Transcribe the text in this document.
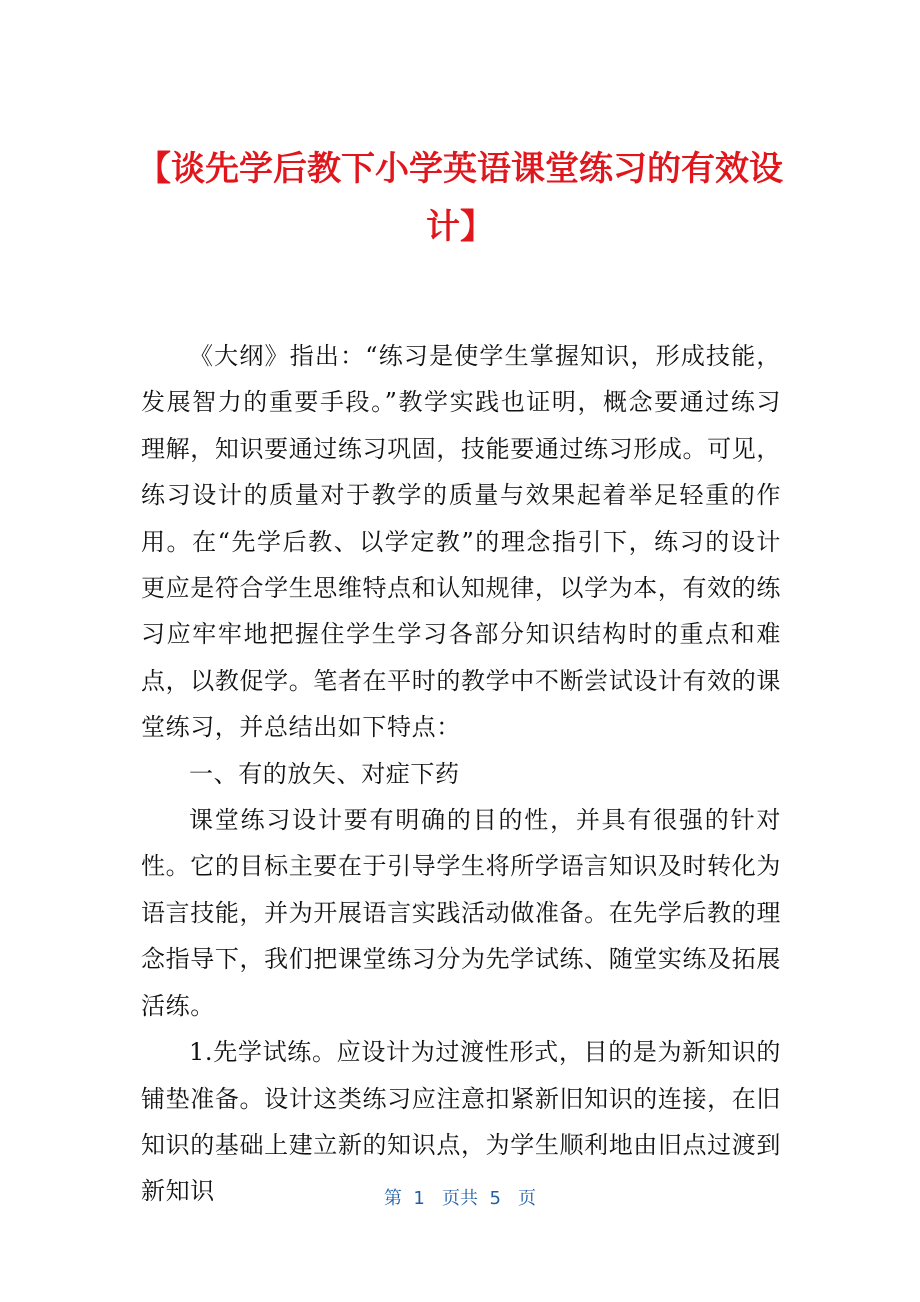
【谈先学后教下小学英语课堂练习的有效设计】

《大纲》指出：“练习是使学生掌握知识，形成技能，发展智力的重要手段。”教学实践也证明，概念要通过练习理解，知识要通过练习巩固，技能要通过练习形成。可见，练习设计的质量对于教学的质量与效果起着举足轻重的作用。在“先学后教、以学定教”的理念指引下，练习的设计更应是符合学生思维特点和认知规律，以学为本，有效的练习应牢牢地把握住学生学习各部分知识结构时的重点和难点，以教促学。笔者在平时的教学中不断尝试设计有效的课堂练习，并总结出如下特点：

一、有的放矢、对症下药

课堂练习设计要有明确的目的性，并具有很强的针对性。它的目标主要在于引导学生将所学语言知识及时转化为语言技能，并为开展语言实践活动做准备。在先学后教的理念指导下，我们把课堂练习分为先学试练、随堂实练及拓展活练。

1.先学试练。应设计为过渡性形式，目的是为新知识的铺垫准备。设计这类练习应注意扣紧新旧知识的连接，在旧知识的基础上建立新的知识点，为学生顺利地由旧点过渡到新知识	第  1   页共  5   页
